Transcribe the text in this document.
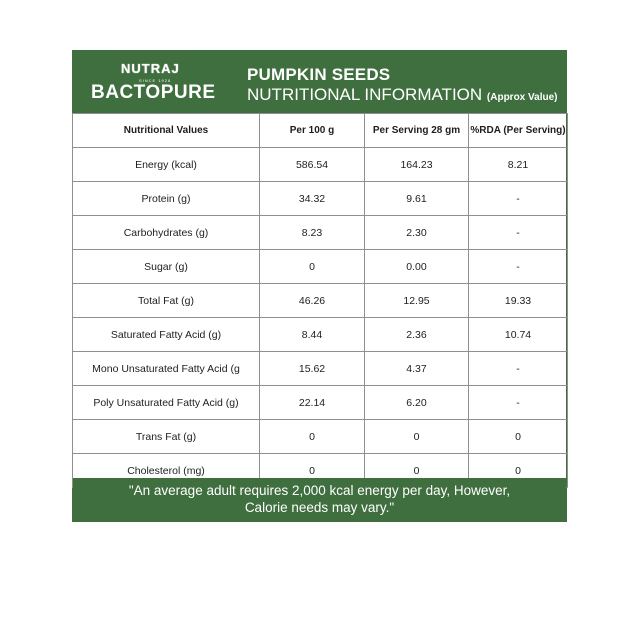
NUTRAJ
SINCE 1928
BACTOPURE
PUMPKIN SEEDS
NUTRITIONAL INFORMATION (Approx Value)
Nutritional Values	Per 100 g	Per Serving 28 gm	%RDA (Per Serving)
Energy (kcal)	586.54	164.23	8.21
Protein (g)	34.32	9.61	-
Carbohydrates (g)	8.23	2.30	-
Sugar (g)	0	0.00	-
Total Fat (g)	46.26	12.95	19.33
Saturated Fatty Acid (g)	8.44	2.36	10.74
Mono Unsaturated Fatty Acid (g	15.62	4.37	-
Poly Unsaturated Fatty Acid (g)	22.14	6.20	-
Trans Fat (g)	0	0	0
Cholesterol (mg)	0	0	0
"An average adult requires 2,000 kcal energy per day, However,
Calorie needs may vary."
